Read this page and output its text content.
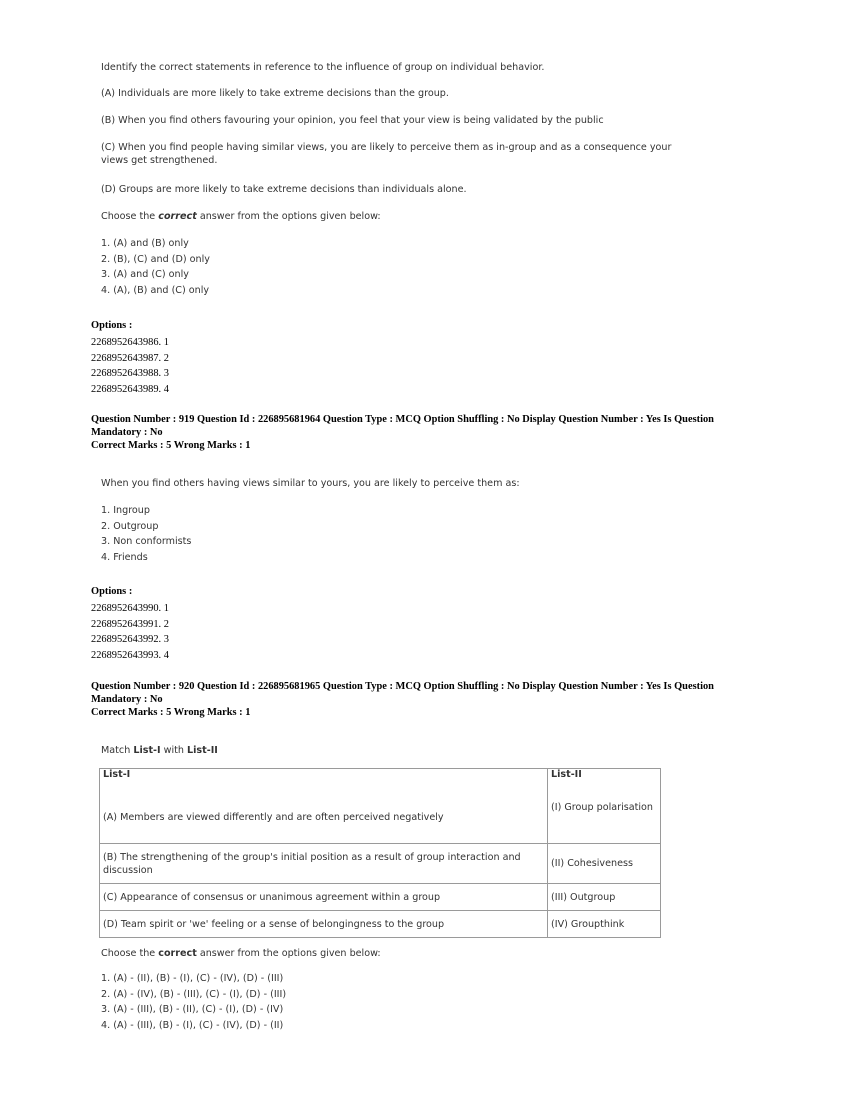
Identify the correct statements in reference to the influence of group on individual behavior.
(A) Individuals are more likely to take extreme decisions than the group.
(B) When you find others favouring your opinion, you feel that your view is being validated by the public

(C) When you find people having similar views, you are likely to perceive them as in-group and as a consequence your

views get strengthened.

(D) Groups are more likely to take extreme decisions than individuals alone.
Choose the correct answer from the options given below:

1. (A) and (B) only

2. (B), (C) and (D) only

3. (A) and (C) only

4. (A), (B) and (C) only

Options :

2268952643986. 1

2268952643987. 2

2268952643988. 3

2268952643989. 4

Question Number : 919 Question Id : 226895681964 Question Type : MCQ Option Shuffling : No Display Question Number : Yes Is Question

Mandatory : No

Correct Marks : 5 Wrong Marks : 1

When you find others having views similar to yours, you are likely to perceive them as:

1. Ingroup

2. Outgroup

3. Non conformists

4. Friends

Options :

2268952643990. 1

2268952643991. 2

2268952643992. 3

2268952643993. 4

Question Number : 920 Question Id : 226895681965 Question Type : MCQ Option Shuffling : No Display Question Number : Yes Is Question

Mandatory : No

Correct Marks : 5 Wrong Marks : 1

Match List-I with List-II
List-I	List-II
(A) Members are viewed differently and are often perceived negatively	(I) Group polarisation

(B) The strengthening of the group's initial position as a result of group interaction and

discussion	(II) Cohesiveness
(C) Appearance of consensus or unanimous agreement within a group	(III) Outgroup
(D) Team spirit or 'we' feeling or a sense of belongingness to the group	(IV) Groupthink
Choose the correct answer from the options given below:

1. (A) - (II), (B) - (I), (C) - (IV), (D) - (III)

2. (A) - (IV), (B) - (III), (C) - (I), (D) - (III)

3. (A) - (III), (B) - (II), (C) - (I), (D) - (IV)

4. (A) - (III), (B) - (I), (C) - (IV), (D) - (II)
